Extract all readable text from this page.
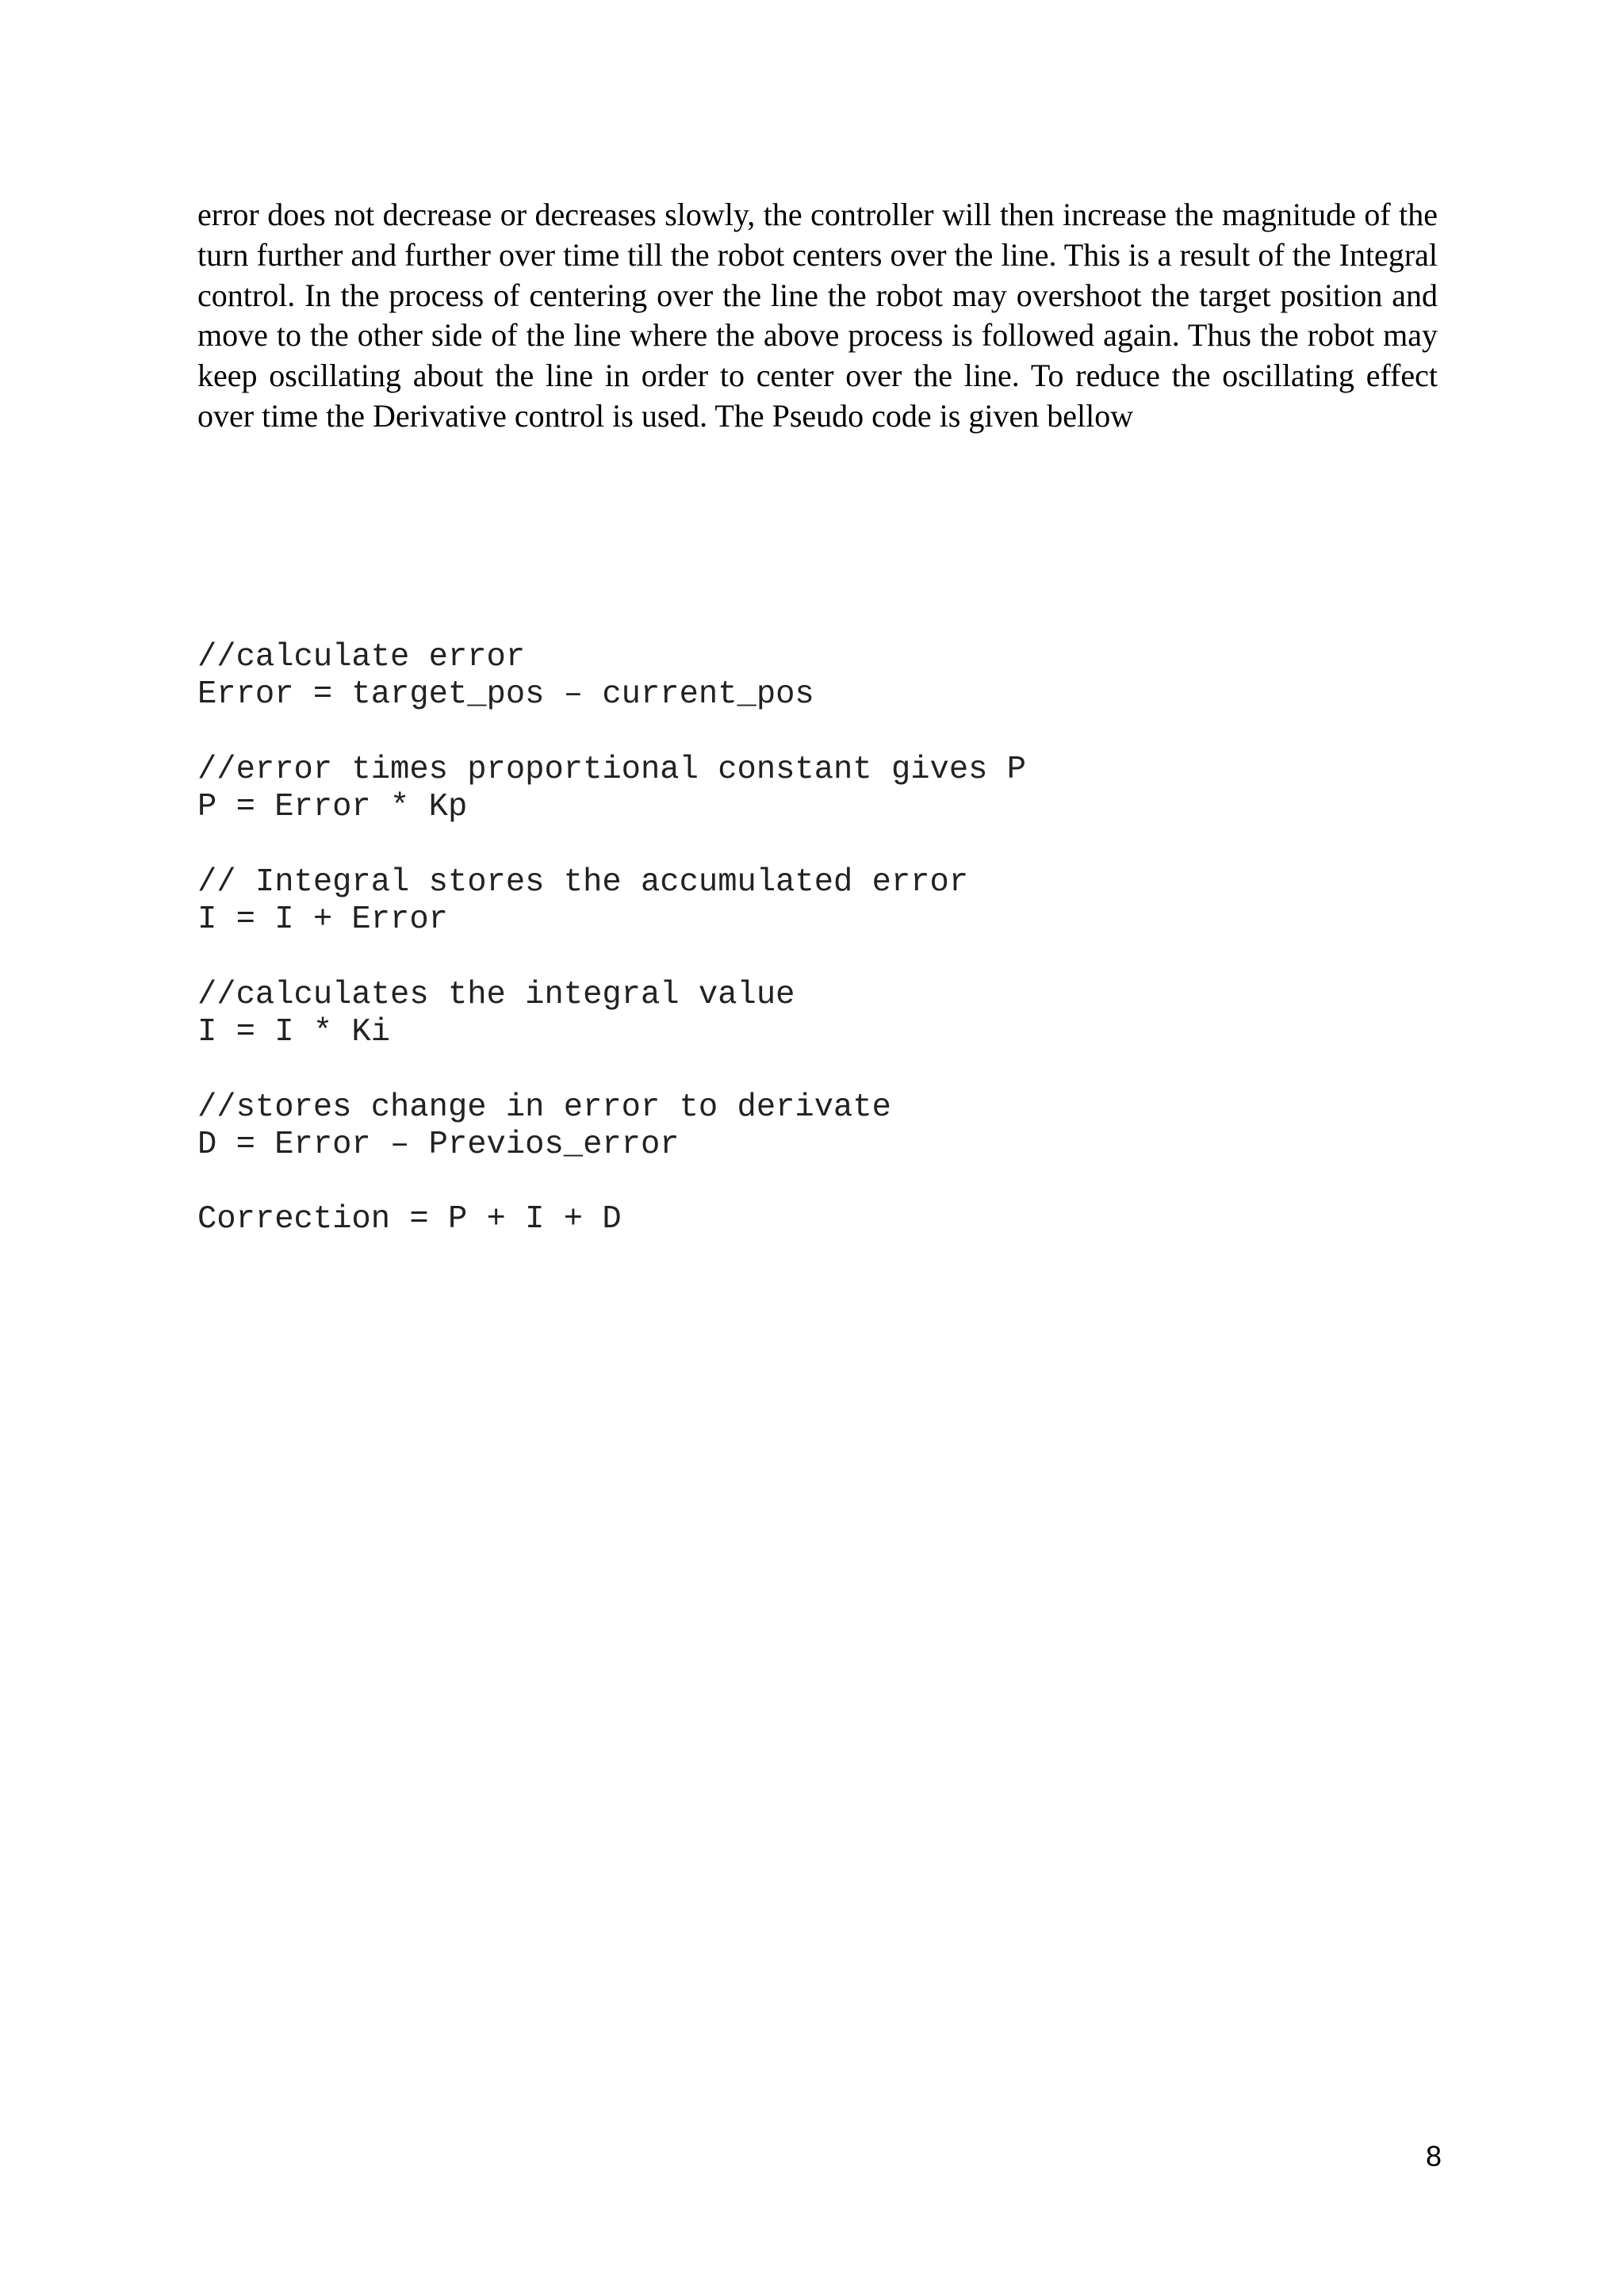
error does not decrease or decreases slowly, the controller will then increase the magnitude of the turn further and further over time till the robot centers over the line. This is a result of the Integral control. In the process of centering over the line the robot may overshoot the target position and move to the other side of the line where the above process is followed again. Thus the robot may keep oscillating about the line in order to center over the line. To reduce the oscillating effect over time the Derivative control is used. The Pseudo code is given bellow

//calculate error
Error = target_pos – current_pos
//error times proportional constant gives P
P = Error * Kp
// Integral stores the accumulated error
I = I + Error
//calculates the integral value
I = I * Ki
//stores change in error to derivate
D = Error – Previos_error
Correction = P + I + D
8
